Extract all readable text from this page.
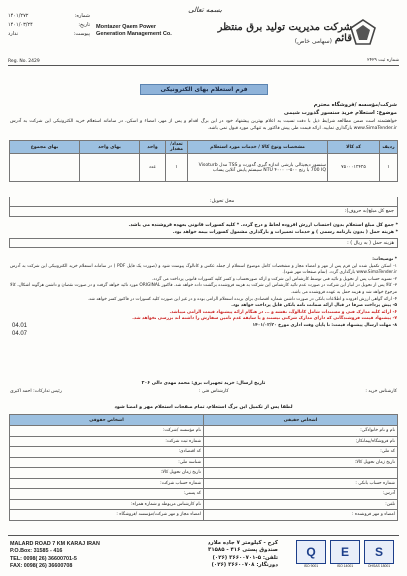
بسمه تعالی
شماره:
۱۴۰۱/۲۷۲
تاریخ:
۱۴۰۱/۰۳/۲۴
پیوست:
ندارد
Montazer Qaem Power
Generation Management Co.
شرکت مدیریت تولید برق منتظر قائم
(سهامی خاص)
Reg. No. 2429	شماره ثبت ۲۴۲۹
فرم استعلام بهای الکترونیکی
شرکت/مؤسسه /فروشگاه محترم
موضوع: استعلام خرید سنسور گدورت شیمی
خواهشمند است ضمن مطالعه شرایط ذیل با دقت نسبت به اعلام بهترین پیشنهاد خود در این برگ اقدام و پس از مهر، امضاء و اسکن، در سامانه استعلام خرید الکترونیکی این شرکت به آدرس www.SimaTender.ir بارگذاری نمایید. ارائه قیمت طی پیش فاکتور به تنهائی مورد قبول نمی باشد.
ردیف	کد کالا	مشخصات ونوع کالا / خدمات مورد استعلام	تعداد/ مقدار	واحد	بهای واحد	بهای مجموع
۱	۷۵۰۰۰۱۲۴۲۵	سنسور دیجیتالی بارشی اندازه گیری گدورت و TSS مدل Visoturb 700 IQ با رنج ۵۰۰-۰ ۴۰۰۰ NTU سیستم پایش آنلاین پساب	۱	عدد		
محل تحویل:
جمع کل مبلغ(به حروف):
* جمع کل مبلغ استعلام بدون احتساب ارزش افزوده لحاظ و درج گردد. * کلیه کسورات قانونی بعهده فروشنده می باشد.
* هزینه حمل ( بدون بارنامه رسمی ) و خدمات تعمیرات و بارگذاری مشمول کسورات بیمه خواهد بود.
هزینه حمل ( به ریال ) :
* توضیحات:
۱- اسکن تکمیل شده این فرم پس از مهر و امضاء مجاز و مشخصات کامل موضوع استعلام از جمله عکس و کاتالوگ پیوست شود و (صورت یک فایل PDF ) در سامانه استعلام خرید الکترونیکی این شرکت به آدرس www.SimaTender.ir بارگذاری گردد. (تمام صفحات مهر شود).
۲- تسویه حساب پس از تحویل و تائید فنی توسط کارشناس این شرکت و ارائه صورتحساب و کسر کلیه کسورات قانونی پرداخت می گردد.
۳- کالا پس از تحویل در انبار این شرکت در صورت عدم تائید کارشناس این شرکت به هزینه فروشنده برگشت داده خواهد شد. فاکتور ORIGINAL مورد تائید خواهد گرفت و در صورت نقصان و داشتن هرگونه اشکال، کالا مرجوع خواهد شد و هزینه حمل به عهده فروشنده می باشد.
۴- ارائه گواهی ارزش افزوده و اطلاعات بانکی در صورت داشتن شماره اقتصادی برای برنده استعلام الزامی بوده و در غیر این صورت کلیه کسورات در فاکتور کسر خواهد شد.
۵- پیش پرداخت صرفا در قبال ارائه ضمانت نامه بانکی قابل پرداخت خواهد بود.
۶- ارائه کلیه مدارک فنی و مستندات شامل کاتالوگ، نقشه و ... در هنگام ارائه پیشنهاد قیمت الزامی میباشد.
۷- پیشنهاد قیمت فروشندگانی که دارای مدارک شرکتی نیستند و یا سابقه عدم تامین سفارش را داشته اند بررسی نخواهد شد.
۸- مهلت ارسال پیشنهاد قیمت: تا پایان وقت اداری مورخ ۱۴۰۱/۰۳/۳۰
04.01
04.07
تاریخ ارسال: خرید تجهیزات برق: محمد مهدی دالی ۲۰۶
کارشناس خرید :
کارشناس فنی :
رئیس تدارکات: احمد اکبری
لطفا پس از تکمیل این برگ استعلام، تمام صفحات استعلام مهر و امضا شود
اشخاص حقیقی	اشخاص حقوقی
نام و نام خانوادگی:	نام مؤسسه /شرکت:
نام فروشگاه/پیمانکار:	شماره ثبت شرکت:
کد ملی:	کد اقتصادی:
تاریخ زمان تحویل کالا:	شناسه ملی:
	تاریخ زمان تحویل کالا:
شماره حساب بانکی :	شماره حساب شرکت:
آدرس:	کد پستی:
تلفن:	نام کارشناس مربوطه و شماره همراه:
امضاء و مهر فروشنده :	امضاء مجاز و مهر شرکت/مؤسسه /فروشگاه :
MALARD ROAD 7 KM KARAJ IRAN
P.O.Box: 31585 - 416
TEL: 0098( 26) 36600701-5
FAX: 0098( 26) 36600708
کرج - کیلومتر ۷ جاده ملارد
صندوق پستی ۴۱۶ - ۳۱۵۸۵
تلفن: ۵-۳۶۶۰۰۷۰۱ (۰۲۶)
دورنگار: ۳۶۶۰۰۷۰۸ (۰۲۶)
Q
ISO 9001
E
ISO 14001
S
OHSAS 18001
